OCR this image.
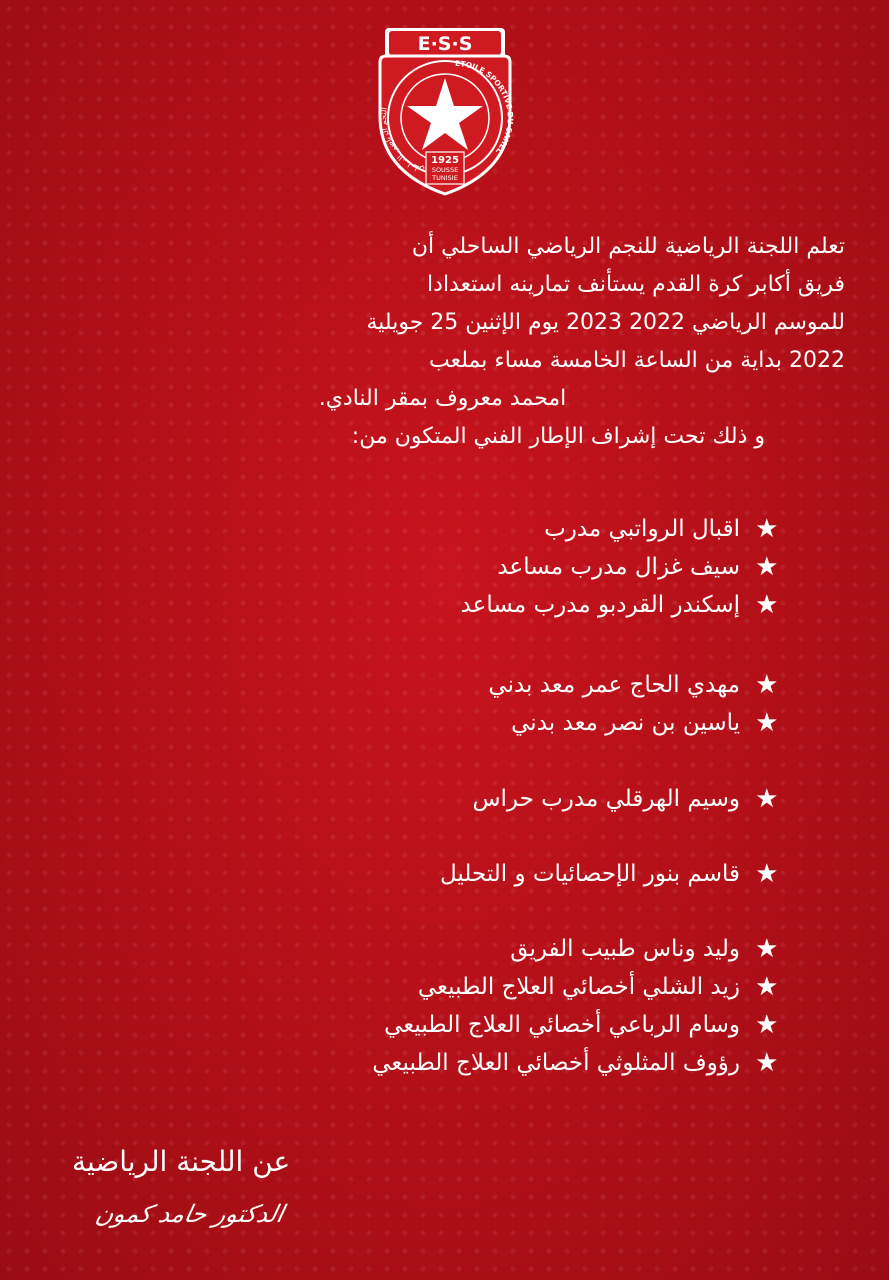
E·S·S
ETOILE SPORTIVE DU SAHEL
النجم الرياضي الساحلي
1925
SOUSSE
TUNISIE

تعلم اللجنة الرياضية للنجم الرياضي الساحلي أن

فريق أكابر كرة القدم يستأنف تمارينه استعدادا

للموسم الرياضي 2022 2023 يوم الإثنين 25 جويلية

2022 بداية من الساعة الخامسة مساء بملعب

امحمد معروف بمقر النادي.

و ذلك تحت إشراف الإطار الفني المتكون من:

★
اقبال الرواتبي مدرب
★
سيف غزال مدرب مساعد
★
إسكندر القردبو مدرب مساعد
★
مهدي الحاج عمر معد بدني
★
ياسين بن نصر معد بدني
★
وسيم الهرقلي مدرب حراس
★
قاسم بنور الإحصائيات و التحليل
★
وليد وناس طبيب الفريق
★
زيد الشلي أخصائي العلاج الطبيعي
★
وسام الرباعي أخصائي العلاج الطبيعي
★
رؤوف المثلوثي أخصائي العلاج الطبيعي
عن اللجنة الرياضية
الدكتور حامد كمون
